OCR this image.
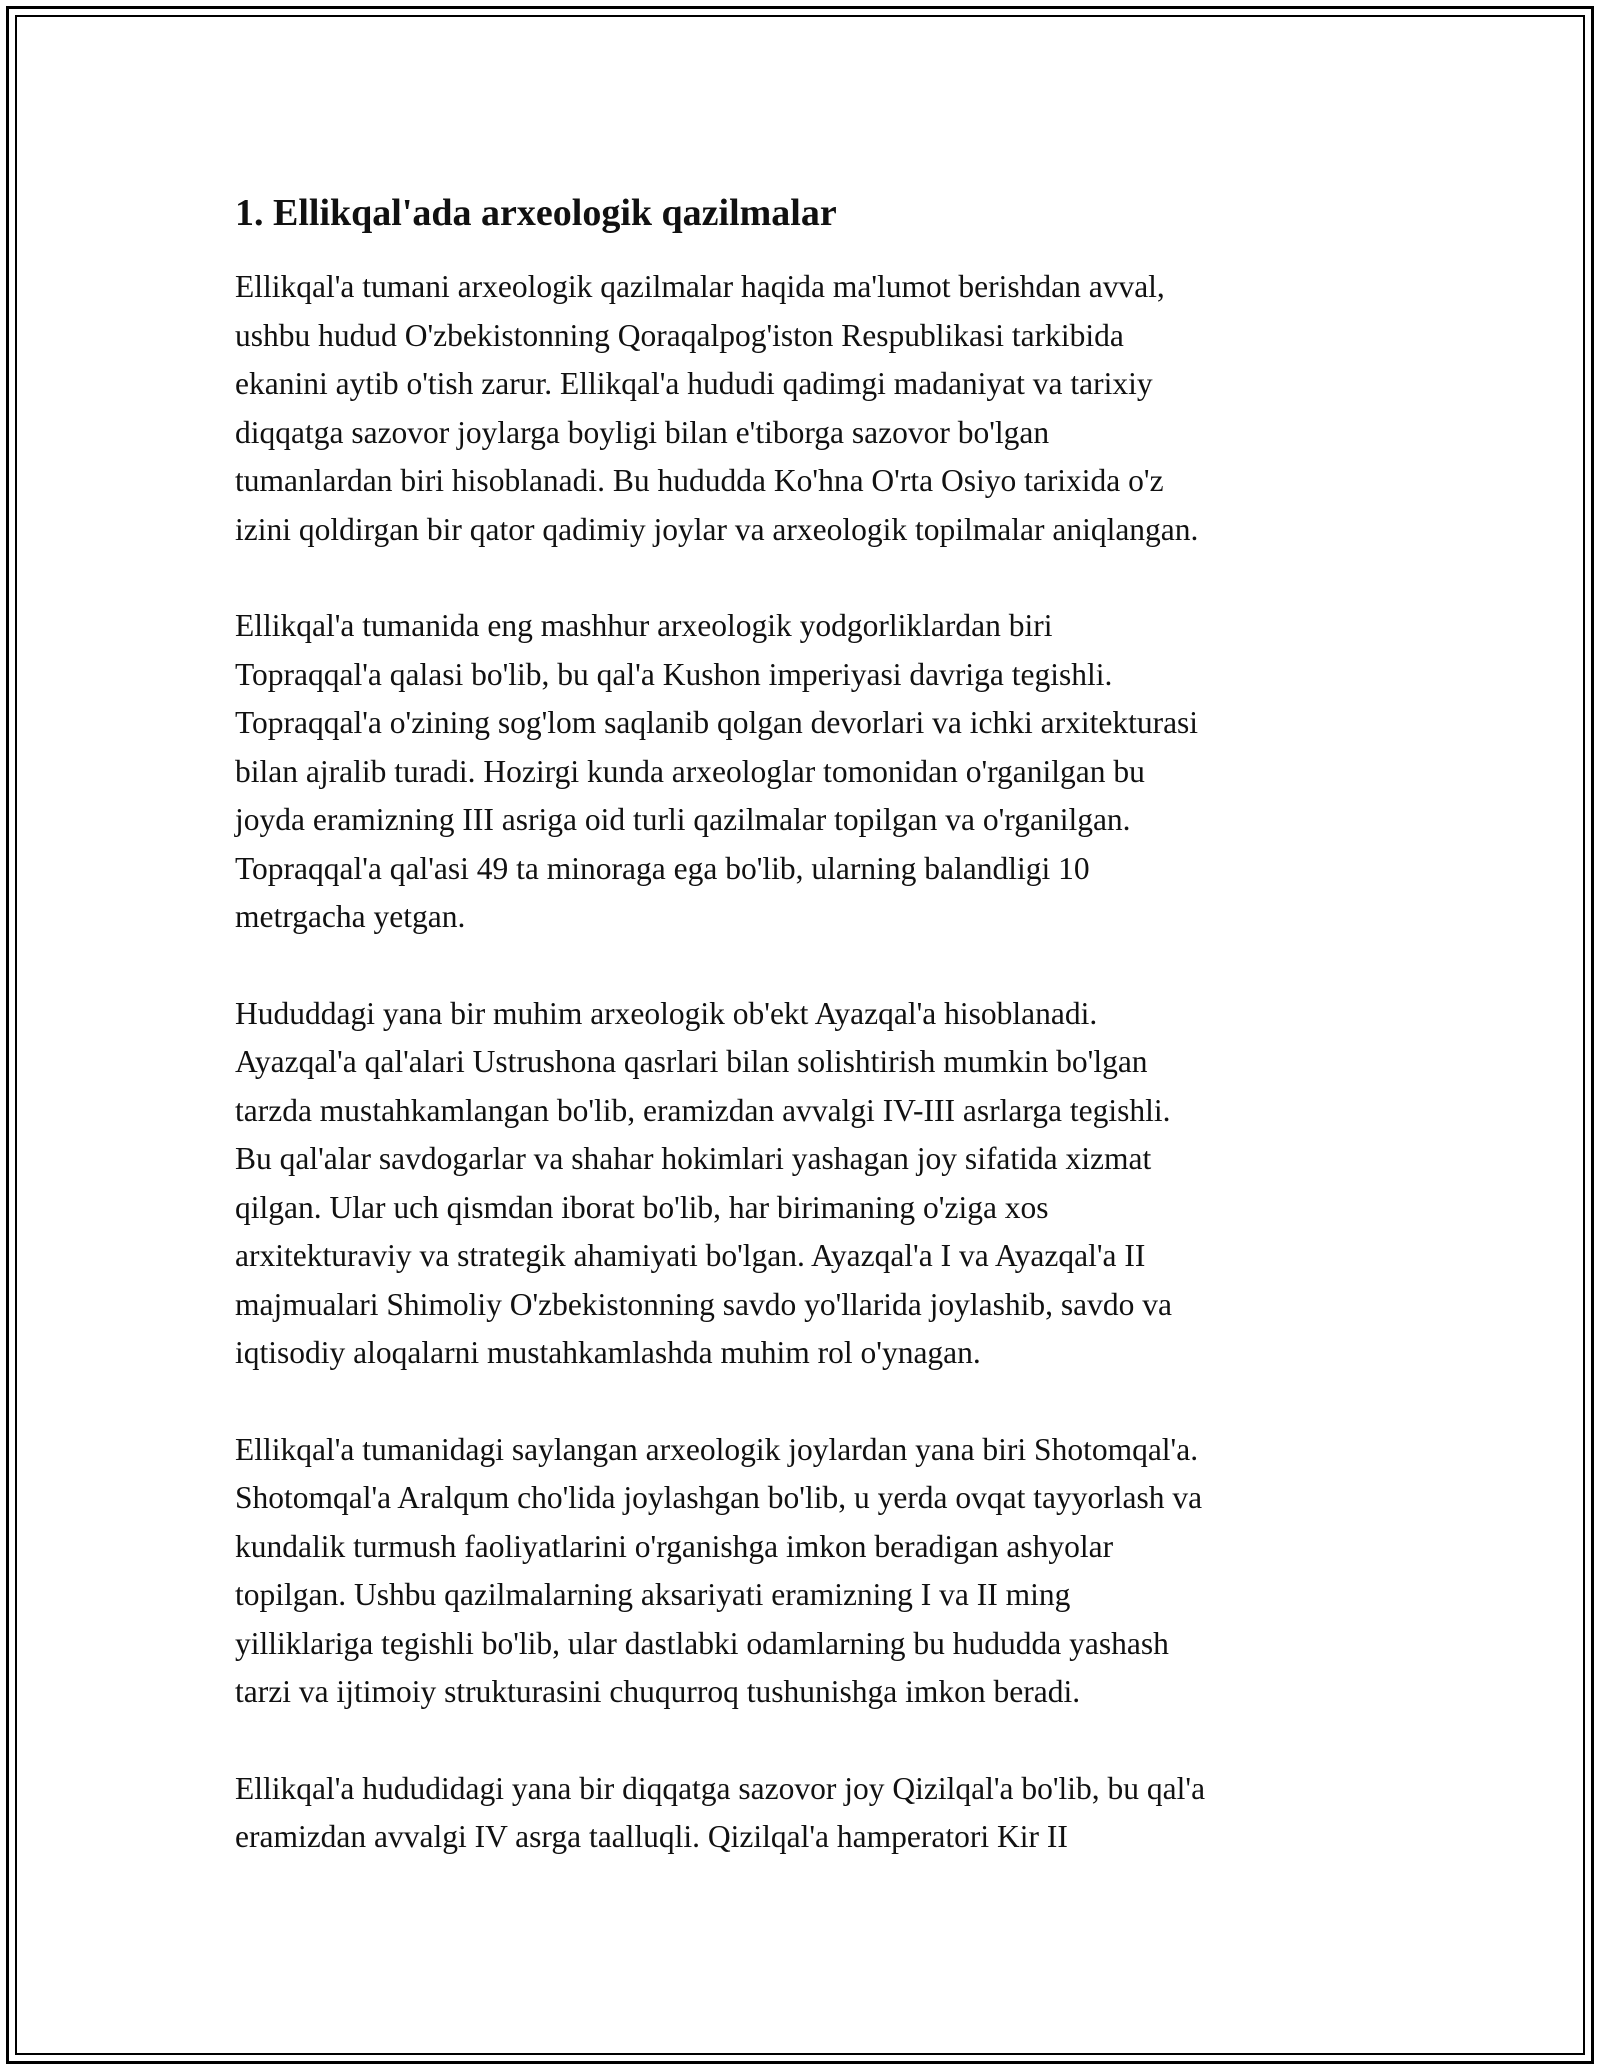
1. Ellikqal'ada arxeologik qazilmalar

Ellikqal'a tumani arxeologik qazilmalar haqida ma'lumot berishdan avval,
ushbu hudud O'zbekistonning Qoraqalpog'iston Respublikasi tarkibida
ekanini aytib o'tish zarur. Ellikqal'a hududi qadimgi madaniyat va tarixiy
diqqatga sazovor joylarga boyligi bilan e'tiborga sazovor bo'lgan
tumanlardan biri hisoblanadi. Bu hududda Ko'hna O'rta Osiyo tarixida o'z
izini qoldirgan bir qator qadimiy joylar va arxeologik topilmalar aniqlangan.

Ellikqal'a tumanida eng mashhur arxeologik yodgorliklardan biri
Topraqqal'a qalasi bo'lib, bu qal'a Kushon imperiyasi davriga tegishli.
Topraqqal'a o'zining sog'lom saqlanib qolgan devorlari va ichki arxitekturasi
bilan ajralib turadi. Hozirgi kunda arxeologlar tomonidan o'rganilgan bu
joyda eramizning III asriga oid turli qazilmalar topilgan va o'rganilgan.
Topraqqal'a qal'asi 49 ta minoraga ega bo'lib, ularning balandligi 10
metrgacha yetgan.

Hududdagi yana bir muhim arxeologik ob'ekt Ayazqal'a hisoblanadi.
Ayazqal'a qal'alari Ustrushona qasrlari bilan solishtirish mumkin bo'lgan
tarzda mustahkamlangan bo'lib, eramizdan avvalgi IV-III asrlarga tegishli.
Bu qal'alar savdogarlar va shahar hokimlari yashagan joy sifatida xizmat
qilgan. Ular uch qismdan iborat bo'lib, har birimaning o'ziga xos
arxitekturaviy va strategik ahamiyati bo'lgan. Ayazqal'a I va Ayazqal'a II
majmualari Shimoliy O'zbekistonning savdo yo'llarida joylashib, savdo va
iqtisodiy aloqalarni mustahkamlashda muhim rol o'ynagan.

Ellikqal'a tumanidagi saylangan arxeologik joylardan yana biri Shotomqal'a.
Shotomqal'a Aralqum cho'lida joylashgan bo'lib, u yerda ovqat tayyorlash va
kundalik turmush faoliyatlarini o'rganishga imkon beradigan ashyolar
topilgan. Ushbu qazilmalarning aksariyati eramizning I va II ming
yilliklariga tegishli bo'lib, ular dastlabki odamlarning bu hududda yashash
tarzi va ijtimoiy strukturasini chuqurroq tushunishga imkon beradi.

Ellikqal'a hududidagi yana bir diqqatga sazovor joy Qizilqal'a bo'lib, bu qal'a
eramizdan avvalgi IV asrga taalluqli. Qizilqal'a hamperatori Kir II
